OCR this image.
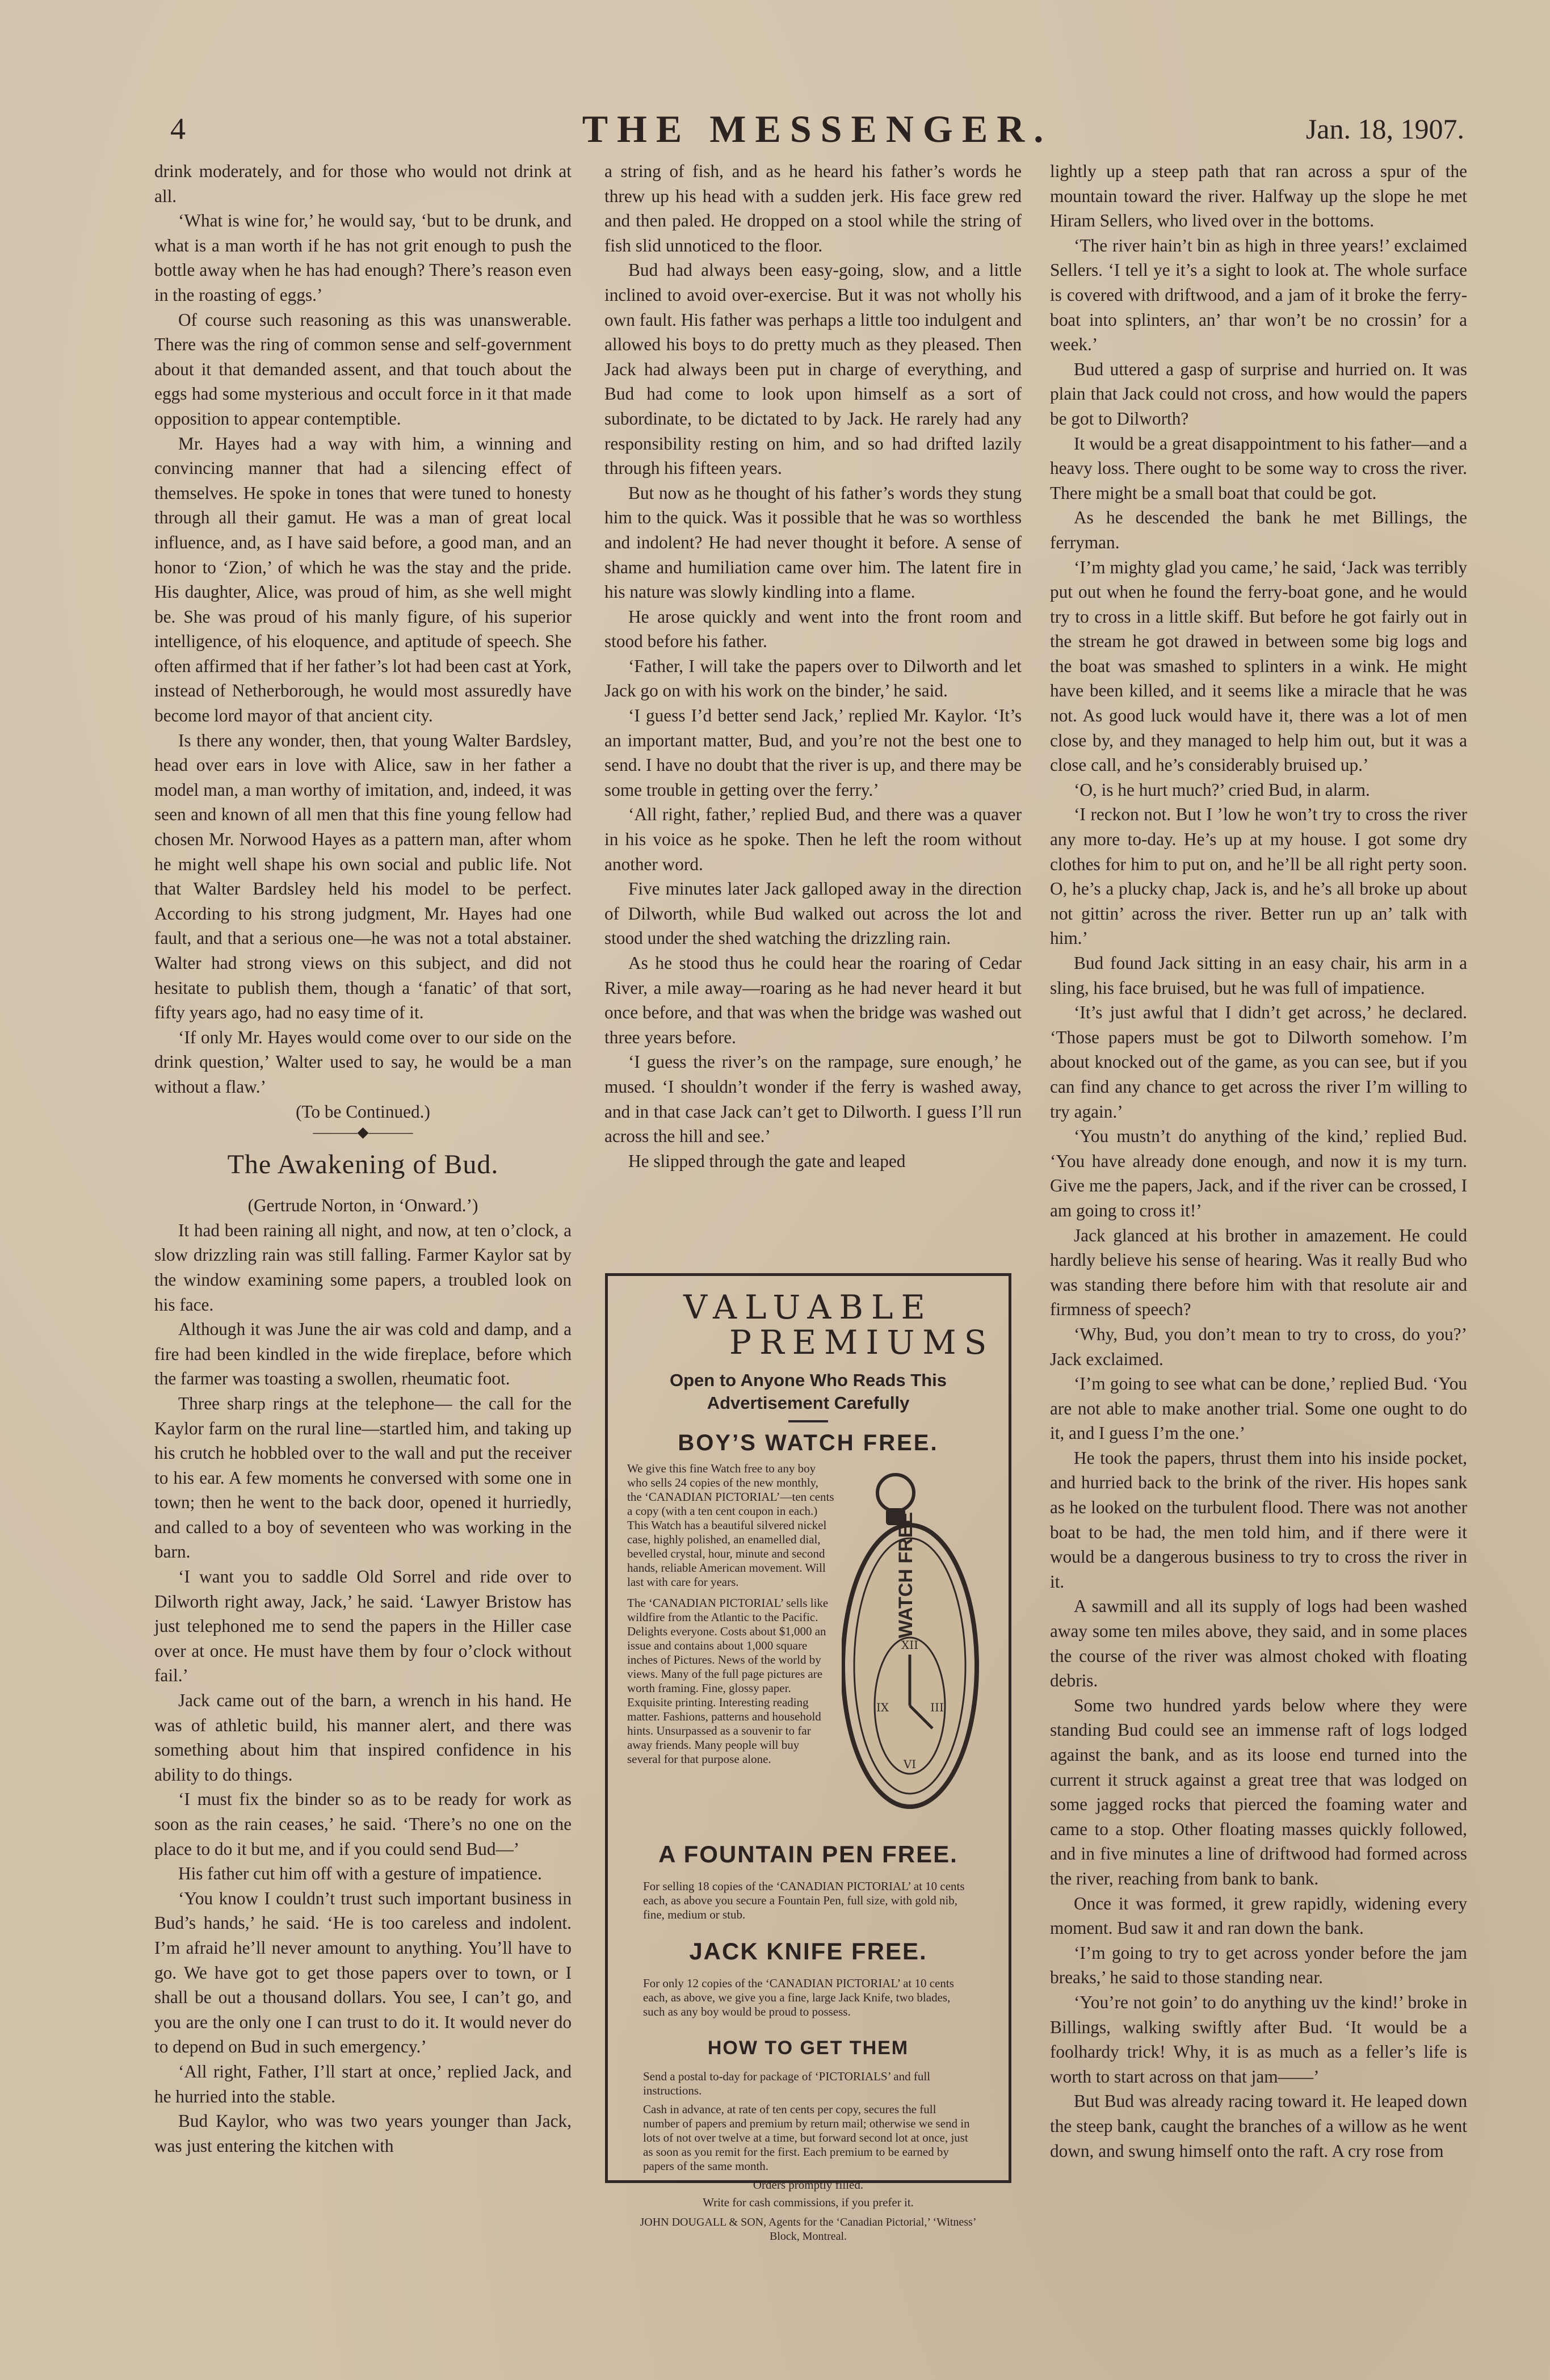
4	THE MESSENGER.	Jan. 18, 1907.

drink moderately, and for those who would not drink at all.

‘What is wine for,’ he would say, ‘but to be drunk, and what is a man worth if he has not grit enough to push the bottle away when he has had enough? There’s reason even in the roasting of eggs.’

Of course such reasoning as this was unanswerable. There was the ring of common sense and self-government about it that demanded assent, and that touch about the eggs had some mysterious and occult force in it that made opposition to appear contemptible.

Mr. Hayes had a way with him, a winning and convincing manner that had a silencing effect of themselves. He spoke in tones that were tuned to honesty through all their gamut. He was a man of great local influence, and, as I have said before, a good man, and an honor to ‘Zion,’ of which he was the stay and the pride. His daughter, Alice, was proud of him, as she well might be. She was proud of his manly figure, of his superior intelligence, of his eloquence, and aptitude of speech. She often affirmed that if her father’s lot had been cast at York, instead of Netherborough, he would most assuredly have become lord mayor of that ancient city.

Is there any wonder, then, that young Walter Bardsley, head over ears in love with Alice, saw in her father a model man, a man worthy of imitation, and, indeed, it was seen and known of all men that this fine young fellow had chosen Mr. Norwood Hayes as a pattern man, after whom he might well shape his own social and public life. Not that Walter Bardsley held his model to be perfect. According to his strong judgment, Mr. Hayes had one fault, and that a serious one—he was not a total abstainer. Walter had strong views on this subject, and did not hesitate to publish them, though a ‘fanatic’ of that sort, fifty years ago, had no easy time of it.

‘If only Mr. Hayes would come over to our side on the drink question,’ Walter used to say, he would be a man without a flaw.’

(To be Continued.)

———◆———
The Awakening of Bud.

(Gertrude Norton, in ‘Onward.’)

It had been raining all night, and now, at ten o’clock, a slow drizzling rain was still falling. Farmer Kaylor sat by the window examining some papers, a troubled look on his face.

Although it was June the air was cold and damp, and a fire had been kindled in the wide fireplace, before which the farmer was toasting a swollen, rheumatic foot.

Three sharp rings at the telephone— the call for the Kaylor farm on the rural line—startled him, and taking up his crutch he hobbled over to the wall and put the receiver to his ear. A few moments he conversed with some one in town; then he went to the back door, opened it hurriedly, and called to a boy of seventeen who was working in the barn.

‘I want you to saddle Old Sorrel and ride over to Dilworth right away, Jack,’ he said. ‘Lawyer Bristow has just telephoned me to send the papers in the Hiller case over at once. He must have them by four o’clock without fail.’

Jack came out of the barn, a wrench in his hand. He was of athletic build, his manner alert, and there was something about him that inspired confidence in his ability to do things.

‘I must fix the binder so as to be ready for work as soon as the rain ceases,’ he said. ‘There’s no one on the place to do it but me, and if you could send Bud—’

His father cut him off with a gesture of impatience.

‘You know I couldn’t trust such important business in Bud’s hands,’ he said. ‘He is too careless and indolent. I’m afraid he’ll never amount to anything. You’ll have to go. We have got to get those papers over to town, or I shall be out a thousand dollars. You see, I can’t go, and you are the only one I can trust to do it. It would never do to depend on Bud in such emergency.’

‘All right, Father, I’ll start at once,’ replied Jack, and he hurried into the stable.

Bud Kaylor, who was two years younger than Jack, was just entering the kitchen with

a string of fish, and as he heard his father’s words he threw up his head with a sudden jerk. His face grew red and then paled. He dropped on a stool while the string of fish slid unnoticed to the floor.

Bud had always been easy-going, slow, and a little inclined to avoid over-exercise. But it was not wholly his own fault. His father was perhaps a little too indulgent and allowed his boys to do pretty much as they pleased. Then Jack had always been put in charge of everything, and Bud had come to look upon himself as a sort of subordinate, to be dictated to by Jack. He rarely had any responsibility resting on him, and so had drifted lazily through his fifteen years.

But now as he thought of his father’s words they stung him to the quick. Was it possible that he was so worthless and indolent? He had never thought it before. A sense of shame and humiliation came over him. The latent fire in his nature was slowly kindling into a flame.

He arose quickly and went into the front room and stood before his father.

‘Father, I will take the papers over to Dilworth and let Jack go on with his work on the binder,’ he said.

‘I guess I’d better send Jack,’ replied Mr. Kaylor. ‘It’s an important matter, Bud, and you’re not the best one to send. I have no doubt that the river is up, and there may be some trouble in getting over the ferry.’

‘All right, father,’ replied Bud, and there was a quaver in his voice as he spoke. Then he left the room without another word.

Five minutes later Jack galloped away in the direction of Dilworth, while Bud walked out across the lot and stood under the shed watching the drizzling rain.

As he stood thus he could hear the roaring of Cedar River, a mile away—roaring as he had never heard it but once before, and that was when the bridge was washed out three years before.

‘I guess the river’s on the rampage, sure enough,’ he mused. ‘I shouldn’t wonder if the ferry is washed away, and in that case Jack can’t get to Dilworth. I guess I’ll run across the hill and see.’

He slipped through the gate and leaped

VALUABLE
PREMIUMS
Open to Anyone Who Reads This Advertisement Carefully
BOY’S WATCH FREE.
We give this fine Watch free to any boy who sells 24 copies of the new monthly, the ‘CANADIAN PICTORIAL’—ten cents a copy (with a ten cent coupon in each.) This Watch has a beautiful silvered nickel case, highly polished, an enamelled dial, bevelled crystal, hour, minute and second hands, reliable American movement. Will last with care for years.
The ‘CANADIAN PICTORIAL’ sells like wildfire from the Atlantic to the Pacific. Delights everyone. Costs about $1,000 an issue and contains about 1,000 square inches of Pictures. News of the world by views. Many of the full page pictures are worth framing. Fine, glossy paper. Exquisite printing. Interesting reading matter. Fashions, patterns and household hints. Unsurpassed as a souvenir to far away friends. Many people will buy several for that purpose alone.
XII
IX	III
VI
WATCH FREE
A FOUNTAIN PEN FREE.
For selling 18 copies of the ‘CANADIAN PICTORIAL’ at 10 cents each, as above you secure a Fountain Pen, full size, with gold nib, fine, medium or stub.
JACK KNIFE FREE.
For only 12 copies of the ‘CANADIAN PICTORIAL’ at 10 cents each, as above, we give you a fine, large Jack Knife, two blades, such as any boy would be proud to possess.
HOW TO GET THEM
Send a postal to-day for package of ‘PICTORIALS’ and full instructions.
Cash in advance, at rate of ten cents per copy, secures the full number of papers and premium by return mail; otherwise we send in lots of not over twelve at a time, but forward second lot at once, just as soon as you remit for the first. Each premium to be earned by papers of the same month.
Orders promptly filled.
Write for cash commissions, if you prefer it.
JOHN DOUGALL & SON, Agents for the ‘Canadian Pictorial,’ ‘Witness’ Block, Montreal.

lightly up a steep path that ran across a spur of the mountain toward the river. Halfway up the slope he met Hiram Sellers, who lived over in the bottoms.

‘The river hain’t bin as high in three years!’ exclaimed Sellers. ‘I tell ye it’s a sight to look at. The whole surface is covered with driftwood, and a jam of it broke the ferry-boat into splinters, an’ thar won’t be no crossin’ for a week.’

Bud uttered a gasp of surprise and hurried on. It was plain that Jack could not cross, and how would the papers be got to Dilworth?

It would be a great disappointment to his father—and a heavy loss. There ought to be some way to cross the river. There might be a small boat that could be got.

As he descended the bank he met Billings, the ferryman.

‘I’m mighty glad you came,’ he said, ‘Jack was terribly put out when he found the ferry-boat gone, and he would try to cross in a little skiff. But before he got fairly out in the stream he got drawed in between some big logs and the boat was smashed to splinters in a wink. He might have been killed, and it seems like a miracle that he was not. As good luck would have it, there was a lot of men close by, and they managed to help him out, but it was a close call, and he’s considerably bruised up.’

‘O, is he hurt much?’ cried Bud, in alarm.

‘I reckon not. But I ’low he won’t try to cross the river any more to-day. He’s up at my house. I got some dry clothes for him to put on, and he’ll be all right perty soon. O, he’s a plucky chap, Jack is, and he’s all broke up about not gittin’ across the river. Better run up an’ talk with him.’

Bud found Jack sitting in an easy chair, his arm in a sling, his face bruised, but he was full of impatience.

‘It’s just awful that I didn’t get across,’ he declared. ‘Those papers must be got to Dilworth somehow. I’m about knocked out of the game, as you can see, but if you can find any chance to get across the river I’m willing to try again.’

‘You mustn’t do anything of the kind,’ replied Bud. ‘You have already done enough, and now it is my turn. Give me the papers, Jack, and if the river can be crossed, I am going to cross it!’

Jack glanced at his brother in amazement. He could hardly believe his sense of hearing. Was it really Bud who was standing there before him with that resolute air and firmness of speech?

‘Why, Bud, you don’t mean to try to cross, do you?’ Jack exclaimed.

‘I’m going to see what can be done,’ replied Bud. ‘You are not able to make another trial. Some one ought to do it, and I guess I’m the one.’

He took the papers, thrust them into his inside pocket, and hurried back to the brink of the river. His hopes sank as he looked on the turbulent flood. There was not another boat to be had, the men told him, and if there were it would be a dangerous business to try to cross the river in it.

A sawmill and all its supply of logs had been washed away some ten miles above, they said, and in some places the course of the river was almost choked with floating debris.

Some two hundred yards below where they were standing Bud could see an immense raft of logs lodged against the bank, and as its loose end turned into the current it struck against a great tree that was lodged on some jagged rocks that pierced the foaming water and came to a stop. Other floating masses quickly followed, and in five minutes a line of driftwood had formed across the river, reaching from bank to bank.

Once it was formed, it grew rapidly, widening every moment. Bud saw it and ran down the bank.

‘I’m going to try to get across yonder before the jam breaks,’ he said to those standing near.

‘You’re not goin’ to do anything uv the kind!’ broke in Billings, walking swiftly after Bud. ‘It would be a foolhardy trick! Why, it is as much as a feller’s life is worth to start across on that jam——’

But Bud was already racing toward it. He leaped down the steep bank, caught the branches of a willow as he went down, and swung himself onto the raft. A cry rose from
